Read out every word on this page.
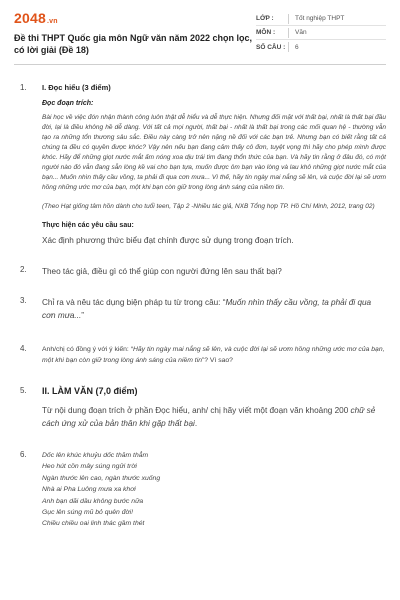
2048.vn
Đề thi THPT Quốc gia môn Ngữ văn năm 2022 chọn lọc, có lời giải (Đề 18)
LỚP :	Tốt nghiệp THPT
MÔN :	Văn
SỐ CÂU :	6
1.	I. Đọc hiểu (3 điểm)
Đọc đoạn trích:
Bài học về việc đón nhận thành công luôn thật dễ hiểu và dễ thực hiện. Nhưng đối mặt với thất bại, nhất là thất bại đầu đời, lại là điều không hề dễ dàng. Với tất cả mọi người, thất bại - nhất là thất bại trong các mối quan hệ - thường vẫn tạo ra những tổn thương sâu sắc. Điều này càng trở nên nặng nề đối với các bạn trẻ. Nhưng bạn có biết rằng tất cả chúng ta đều có quyền được khóc? Vậy nên nếu bạn đang cảm thấy cô đơn, tuyệt vọng thì hãy cho phép mình được khóc. Hãy để những giọt nước mắt ấm nóng xoa dịu trái tim đang thổn thức của bạn. Và hãy tin rằng ở đâu đó, có một người nào đó vẫn đang sẵn lòng kề vai cho bạn tựa, muốn được ôm bạn vào lòng và lau khô những giọt nước mắt của bạn... Muốn nhìn thấy cầu vồng, ta phải đi qua cơn mưa... Vì thế, hãy tin ngày mai nắng sẽ lên, và cuộc đời lại sẽ ươm hồng những ước mơ của bạn, một khi bạn còn giữ trong lòng ánh sáng của niềm tin.
(Theo Hạt giống tâm hồn dành cho tuổi teen, Tập 2 -Nhiều tác giả, NXB Tổng hợp TP. Hồ Chí Minh, 2012, trang 02)
Thực hiện các yêu cầu sau:
Xác định phương thức biểu đạt chính được sử dụng trong đoạn trích.
2.	Theo tác giả, điều gì có thể giúp con người đứng lên sau thất bại?
3.	Chỉ ra và nêu tác dụng biện pháp tu từ trong câu: “Muốn nhìn thấy cầu vồng, ta phải đi qua cơn mưa...”
4.	Anh/chị có đồng ý với ý kiến: “Hãy tin ngày mai nắng sẽ lên, và cuộc đời lại sẽ ươm hồng những ước mơ của bạn, một khi bạn còn giữ trong lòng ánh sáng của niềm tin”? Vì sao?
5.	II. LÀM VĂN (7,0 điểm)
Từ nội dung đoạn trích ở phần Đọc hiểu, anh/ chị hãy viết một đoạn văn khoảng 200 chữ sẻ cách ứng xử của bản thân khi gặp thất bại.
6.	Dốc lên khúc khuỷu dốc thăm thẳm
Heo hút cồn mây súng ngửi trời
Ngàn thước lên cao, ngàn thước xuống
Nhà ai Pha Luông mưa xa khơi
Anh bạn dãi dầu không bước nữa
Gục lên súng mũ bỏ quên đời!
Chiều chiều oai linh thác gầm thét
